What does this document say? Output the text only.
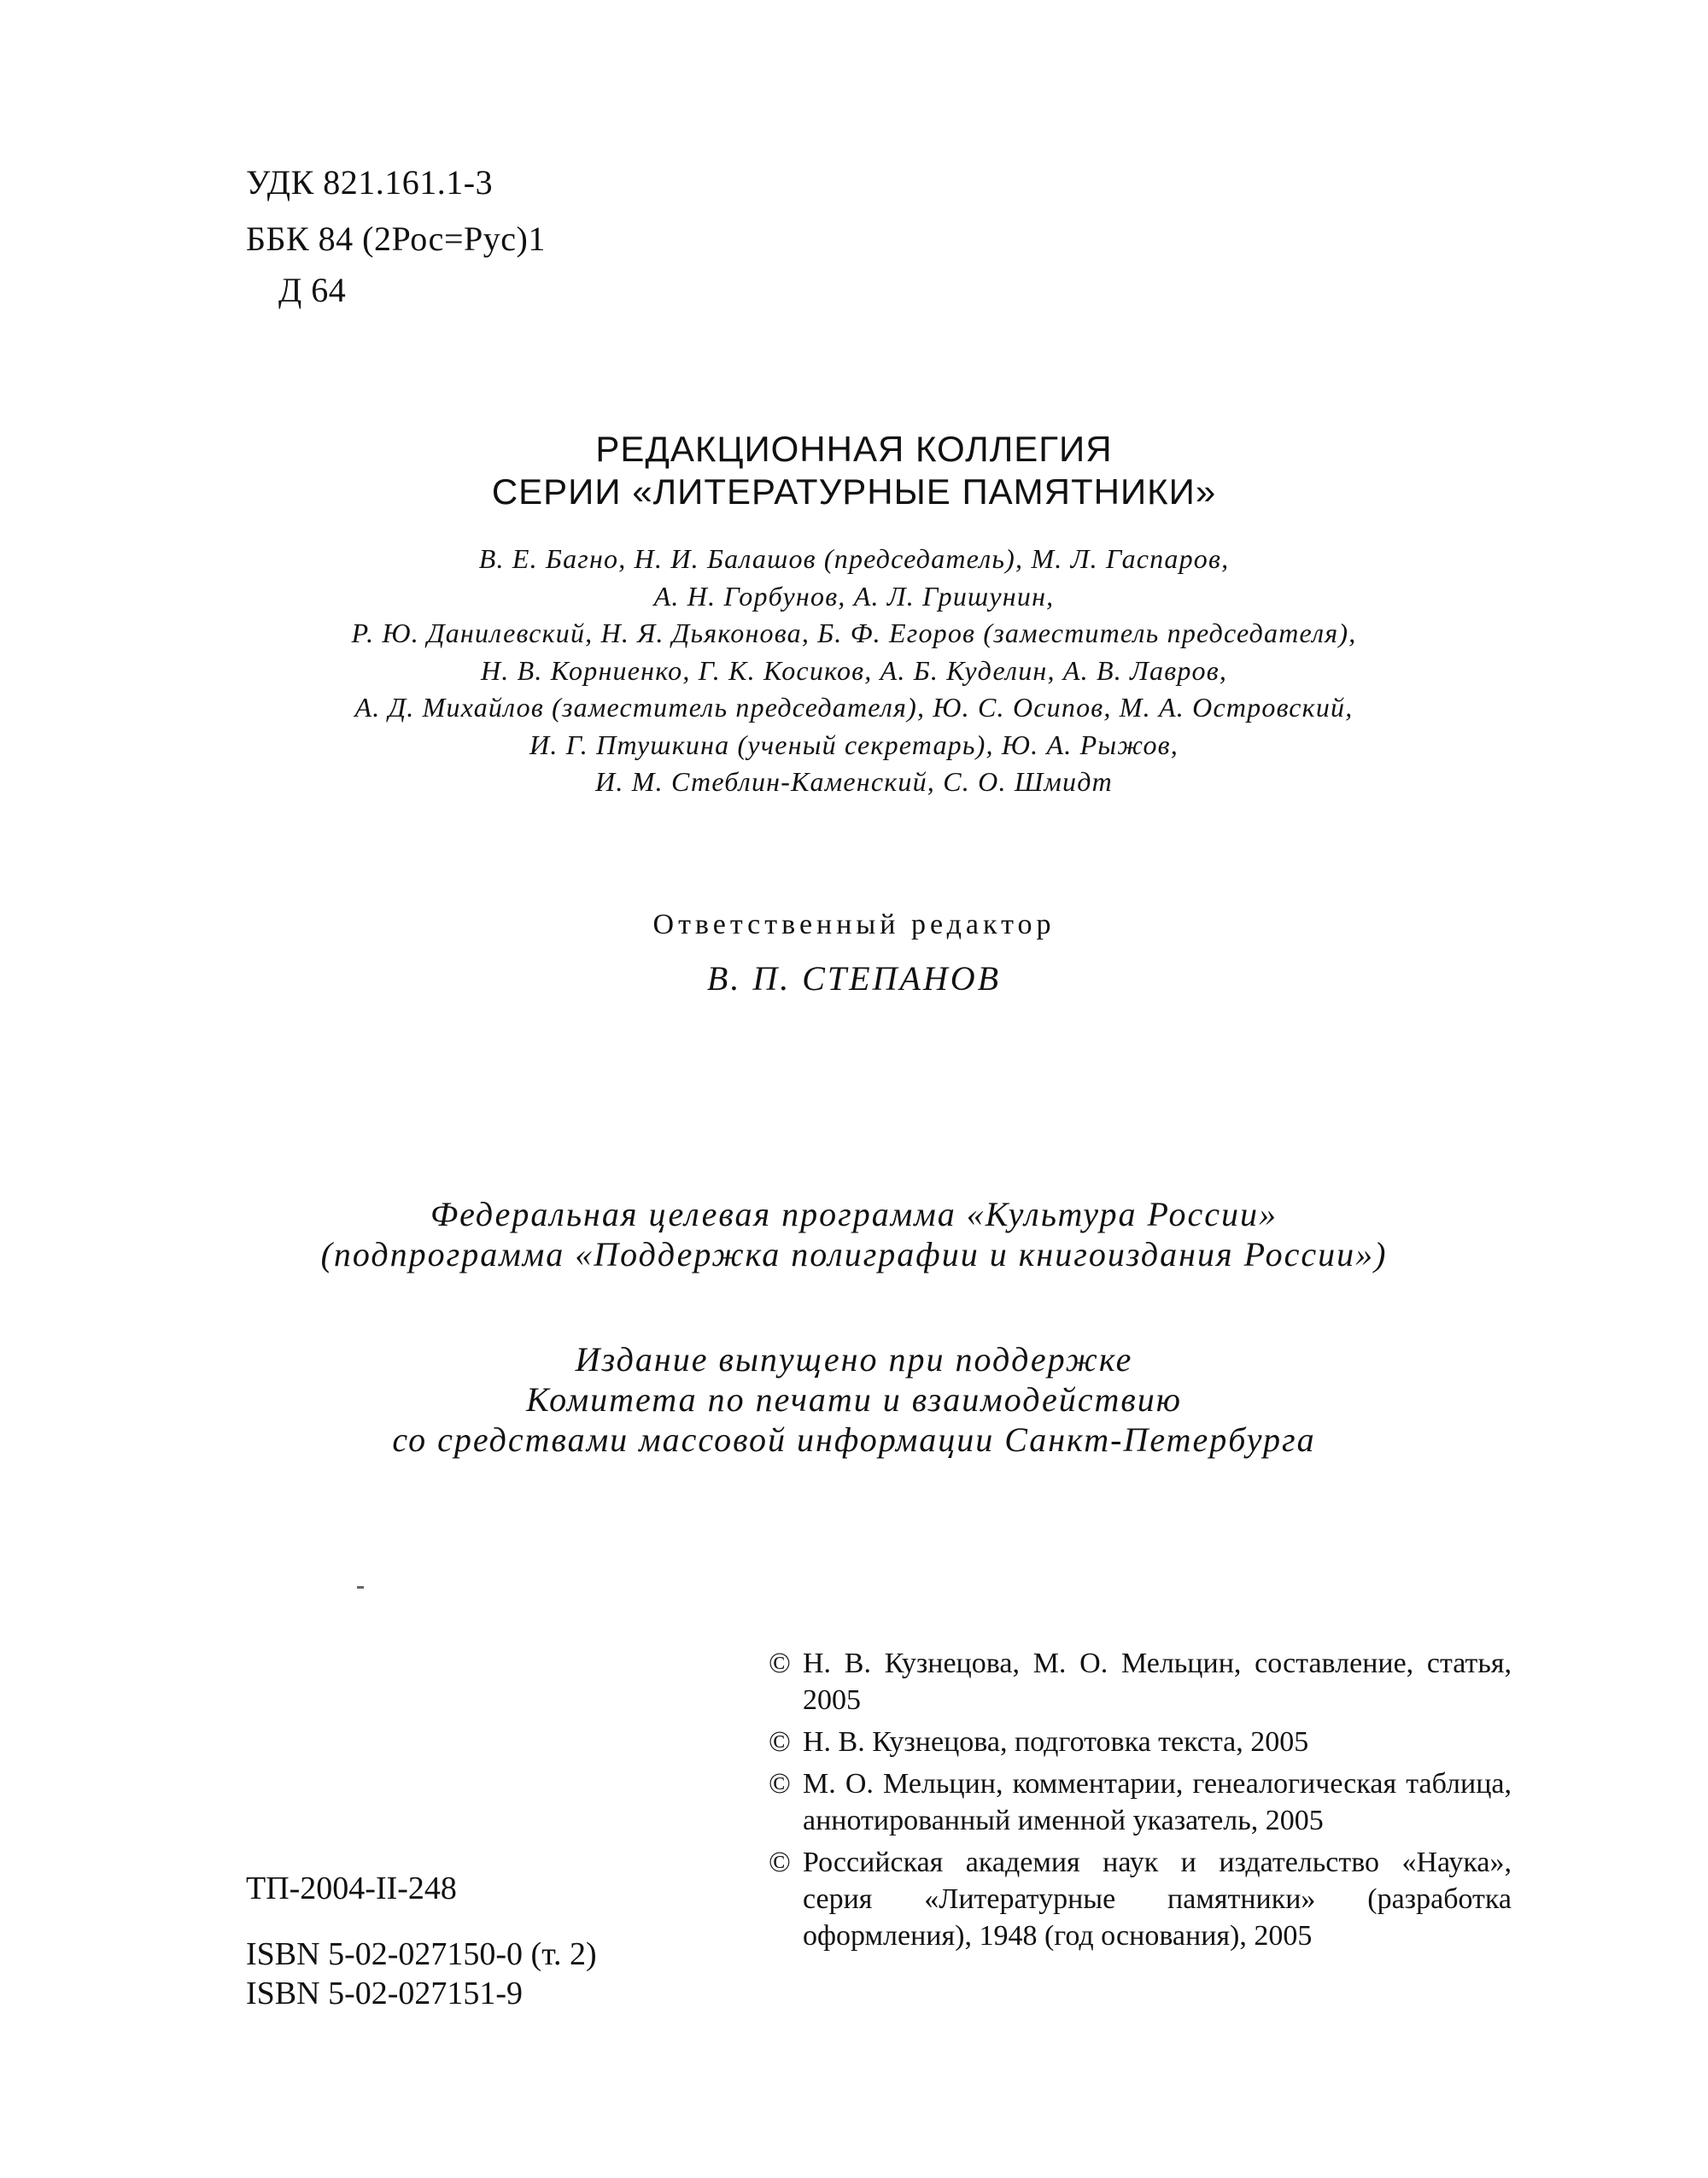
УДК 821.161.1-3
ББК 84 (2Рос=Рус)1
Д 64
РЕДАКЦИОННАЯ КОЛЛЕГИЯ
СЕРИИ «ЛИТЕРАТУРНЫЕ ПАМЯТНИКИ»
В. Е. Багно, Н. И. Балашов (председатель), М. Л. Гаспаров,
А. Н. Горбунов, А. Л. Гришунин,
Р. Ю. Данилевский, Н. Я. Дьяконова, Б. Ф. Егоров (заместитель председателя),
Н. В. Корниенко, Г. К. Косиков, А. Б. Куделин, А. В. Лавров,
А. Д. Михайлов (заместитель председателя), Ю. С. Осипов, М. А. Островский,
И. Г. Птушкина (ученый секретарь), Ю. А. Рыжов,
И. М. Стеблин-Каменский, С. О. Шмидт
Ответственный редактор
В. П. СТЕПАНОВ
Федеральная целевая программа «Культура России»
(подпрограмма «Поддержка полиграфии и книгоиздания России»)
Издание выпущено при поддержке
Комитета по печати и взаимодействию
со средствами массовой информации Санкт-Петербурга
© Н. В. Кузнецова, М. О. Мельцин, составление, статья, 2005
© Н. В. Кузнецова, подготовка текста, 2005
© М. О. Мельцин, комментарии, генеалогическая таблица, аннотированный именной указатель, 2005
© Российская академия наук и издательство «Наука», серия «Литературные памятники» (разработка оформления), 1948 (год основания), 2005
ТП-2004-II-248
ISBN 5-02-027150-0 (т. 2)
ISBN 5-02-027151-9
